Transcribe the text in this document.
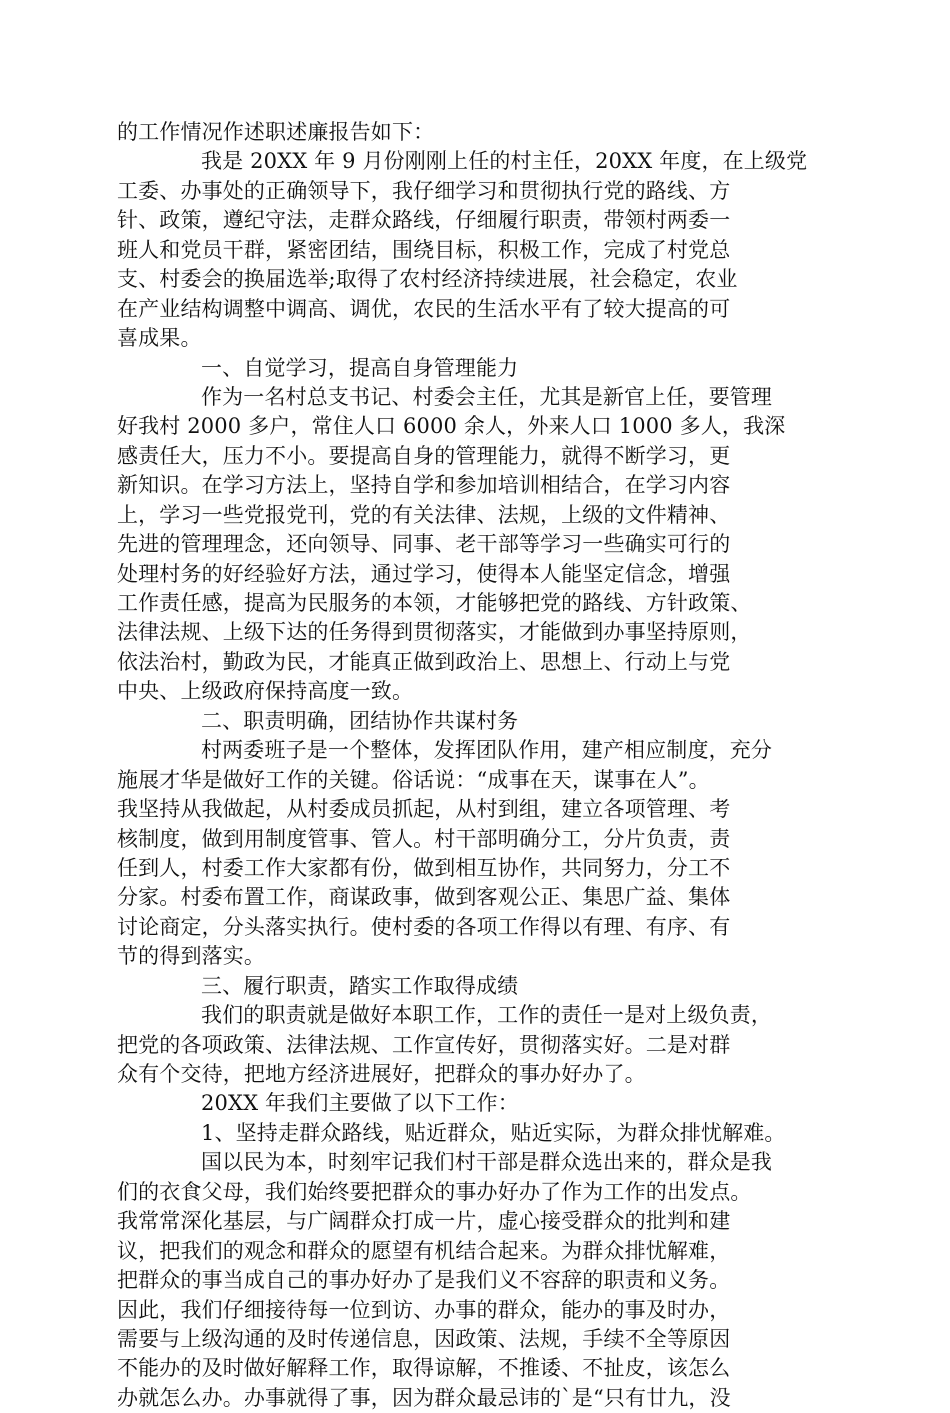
的工作情况作述职述廉报告如下：
我是 20XX 年 9 月份刚刚上任的村主任，20XX 年度，在上级党
工委、办事处的正确领导下，我仔细学习和贯彻执行党的路线、方
针、政策，遵纪守法，走群众路线，仔细履行职责，带领村两委一
班人和党员干群，紧密团结，围绕目标，积极工作，完成了村党总
支、村委会的换届选举;取得了农村经济持续进展，社会稳定，农业
在产业结构调整中调高、调优，农民的生活水平有了较大提高的可
喜成果。
一、自觉学习，提高自身管理能力
作为一名村总支书记、村委会主任，尤其是新官上任，要管理
好我村 2000 多户，常住人口 6000 余人，外来人口 1000 多人，我深
感责任大，压力不小。要提高自身的管理能力，就得不断学习，更
新知识。在学习方法上，坚持自学和参加培训相结合，在学习内容
上，学习一些党报党刊，党的有关法律、法规，上级的文件精神、
先进的管理理念，还向领导、同事、老干部等学习一些确实可行的
处理村务的好经验好方法，通过学习，使得本人能坚定信念，增强
工作责任感，提高为民服务的本领，才能够把党的路线、方针政策、
法律法规、上级下达的任务得到贯彻落实，才能做到办事坚持原则，
依法治村，勤政为民，才能真正做到政治上、思想上、行动上与党
中央、上级政府保持高度一致。
二、职责明确，团结协作共谋村务
村两委班子是一个整体，发挥团队作用，建产相应制度，充分
施展才华是做好工作的关键。俗话说：“成事在天，谋事在人”。
我坚持从我做起，从村委成员抓起，从村到组，建立各项管理、考
核制度，做到用制度管事、管人。村干部明确分工，分片负责，责
任到人，村委工作大家都有份，做到相互协作，共同努力，分工不
分家。村委布置工作，商谋政事，做到客观公正、集思广益、集体
讨论商定，分头落实执行。使村委的各项工作得以有理、有序、有
节的得到落实。
三、履行职责，踏实工作取得成绩
我们的职责就是做好本职工作，工作的责任一是对上级负责，
把党的各项政策、法律法规、工作宣传好，贯彻落实好。二是对群
众有个交待，把地方经济进展好，把群众的事办好办了。
20XX 年我们主要做了以下工作：
1、坚持走群众路线，贴近群众，贴近实际，为群众排忧解难。
国以民为本，时刻牢记我们村干部是群众选出来的，群众是我
们的衣食父母，我们始终要把群众的事办好办了作为工作的出发点。
我常常深化基层，与广阔群众打成一片，虚心接受群众的批判和建
议，把我们的观念和群众的愿望有机结合起来。为群众排忧解难，
把群众的事当成自己的事办好办了是我们义不容辞的职责和义务。
因此，我们仔细接待每一位到访、办事的群众，能办的事及时办，
需要与上级沟通的及时传递信息，因政策、法规，手续不全等原因
不能办的及时做好解释工作，取得谅解，不推诿、不扯皮，该怎么
办就怎么办。办事就得了事，因为群众最忌讳的`是“只有廿九，没
